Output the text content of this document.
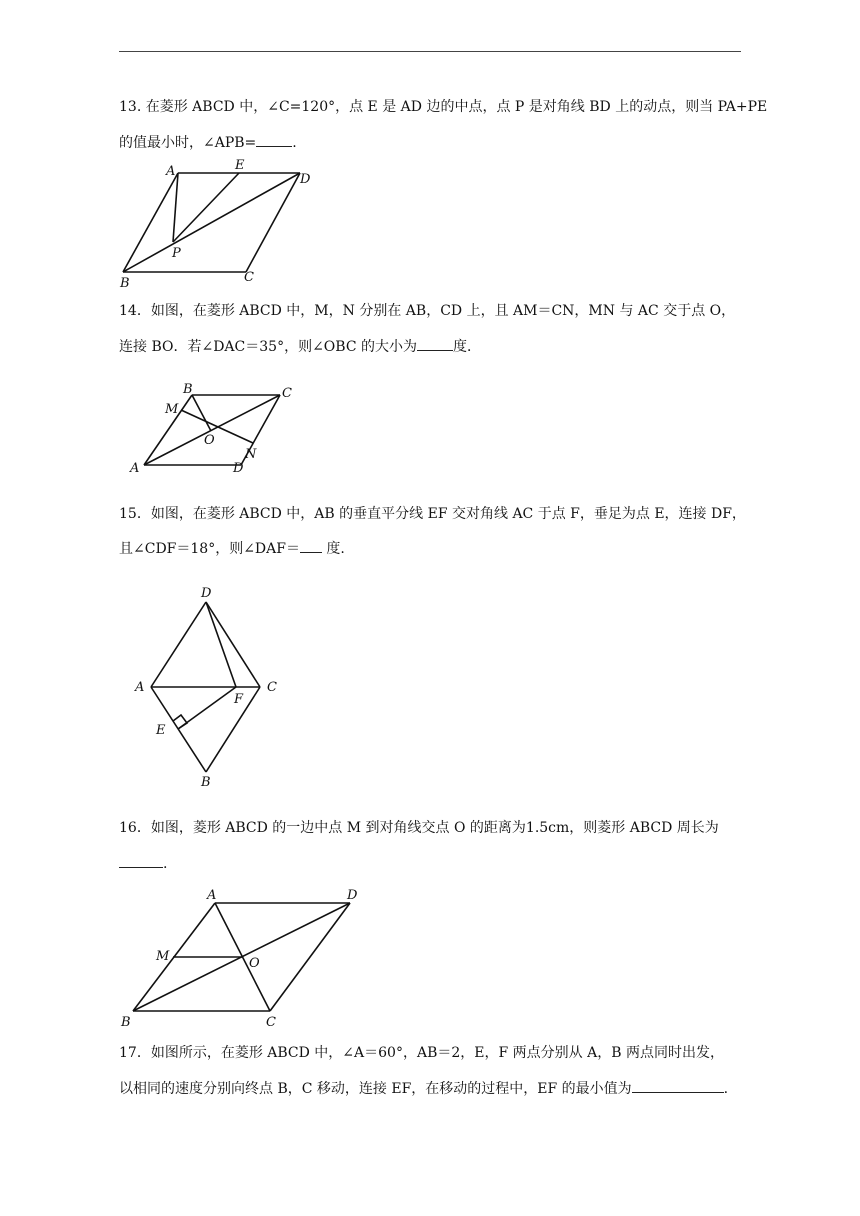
13. 在菱形 ABCD 中，∠C=120°，点 E 是 AD 边的中点，点 P 是对角线 BD 上的动点，则当 PA+PE
的值最小时，∠APB=	.
A	E
D
P
B	C
14．如图，在菱形 ABCD 中，M，N 分别在 AB，CD 上，且 AM＝CN，MN 与 AC 交于点 O，
连接 BO．若∠DAC＝35°，则∠OBC 的大小为	度．
B	C
M
O
N
A	D
15．如图，在菱形 ABCD 中，AB 的垂直平分线 EF 交对角线 AC 于点 F，垂足为点 E，连接 DF，
且∠CDF＝18°，则∠DAF＝ 度.
D
A
F
C
E
B
16．如图，菱形 ABCD 的一边中点 M 到对角线交点 O 的距离为1.5cm，则菱形 ABCD 周长为
.
A	D
M	O
B	C
17．如图所示，在菱形 ABCD 中，∠A＝60°，AB＝2，E，F 两点分别从 A，B 两点同时出发，
以相同的速度分别向终点 B，C 移动，连接 EF，在移动的过程中，EF 的最小值为	.
